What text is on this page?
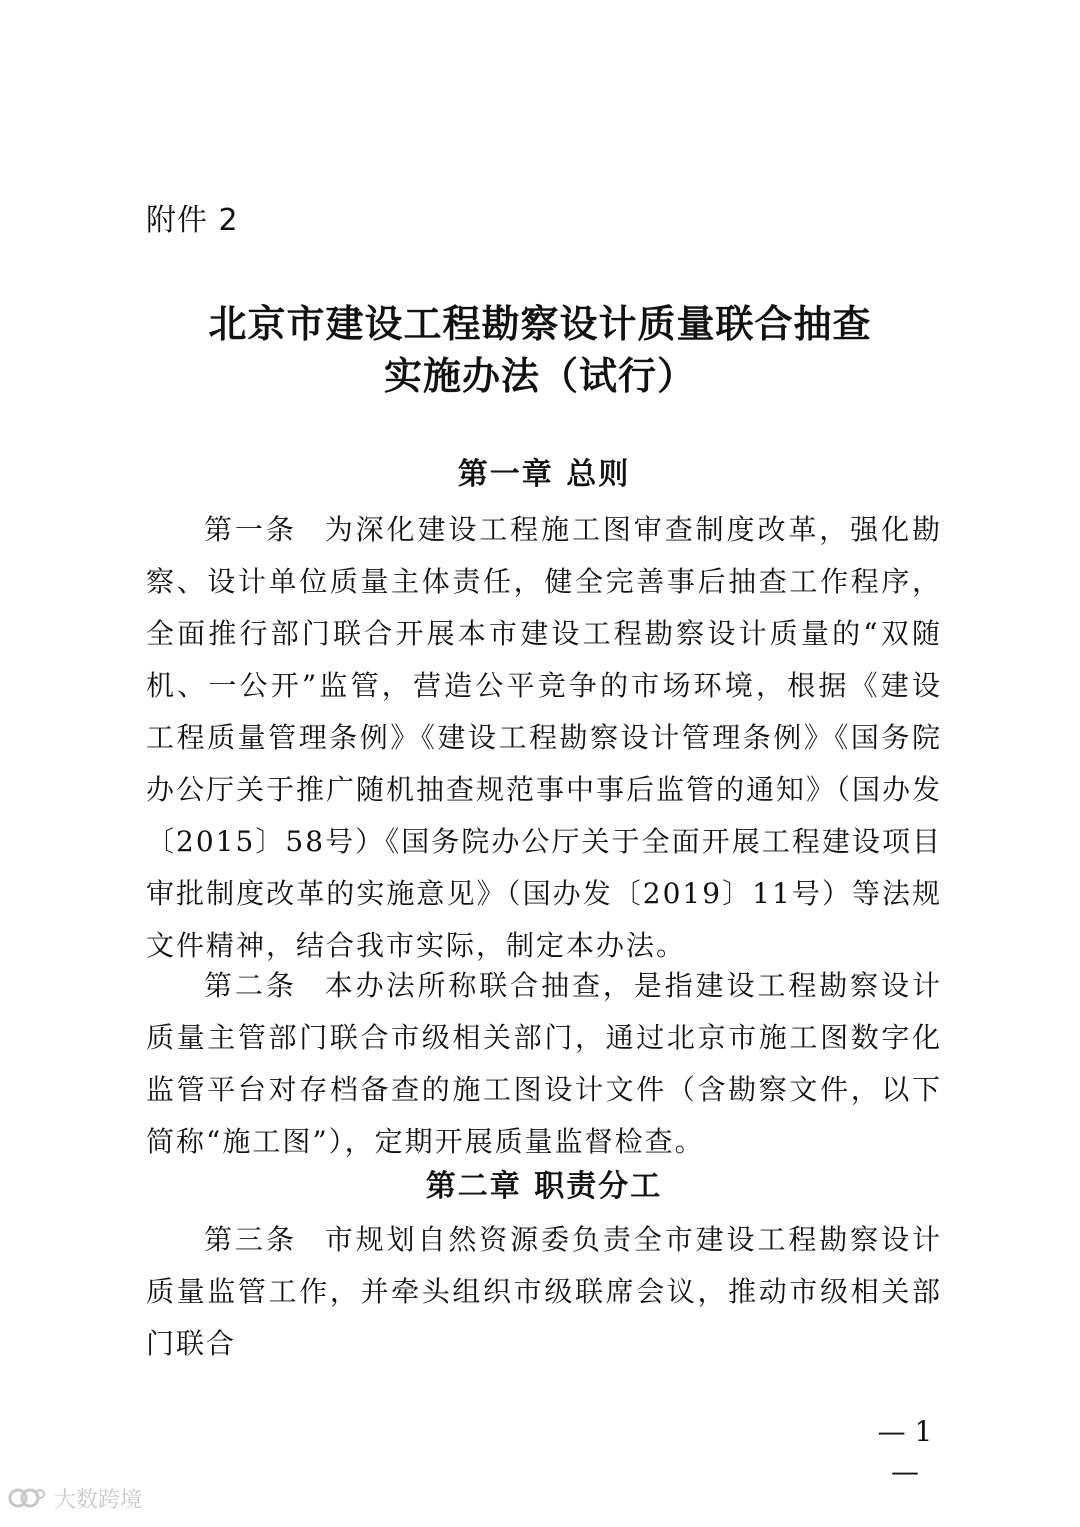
附件 2
北京市建设工程勘察设计质量联合抽查
实施办法（试行）
第一章 总则

第一条 为深化建设工程施工图审查制度改革，强化勘察、设计单位质量主体责任，健全完善事后抽查工作程序，全面推行部门联合开展本市建设工程勘察设计质量的“双随机、一公开”监管，营造公平竞争的市场环境，根据《建设工程质量管理条例》《建设工程勘察设计管理条例》《国务院办公厅关于推广随机抽查规范事中事后监管的通知》（国办发〔2015〕58号）《国务院办公厅关于全面开展工程建设项目审批制度改革的实施意见》（国办发〔2019〕11号）等法规文件精神，结合我市实际，制定本办法。

第二条 本办法所称联合抽查，是指建设工程勘察设计质量主管部门联合市级相关部门，通过北京市施工图数字化监管平台对存档备查的施工图设计文件（含勘察文件，以下简称“施工图”），定期开展质量监督检查。

第二章 职责分工

第三条 市规划自然资源委负责全市建设工程勘察设计质量监管工作，并牵头组织市级联席会议，推动市级相关部门联合

— 1 —
大数跨境
